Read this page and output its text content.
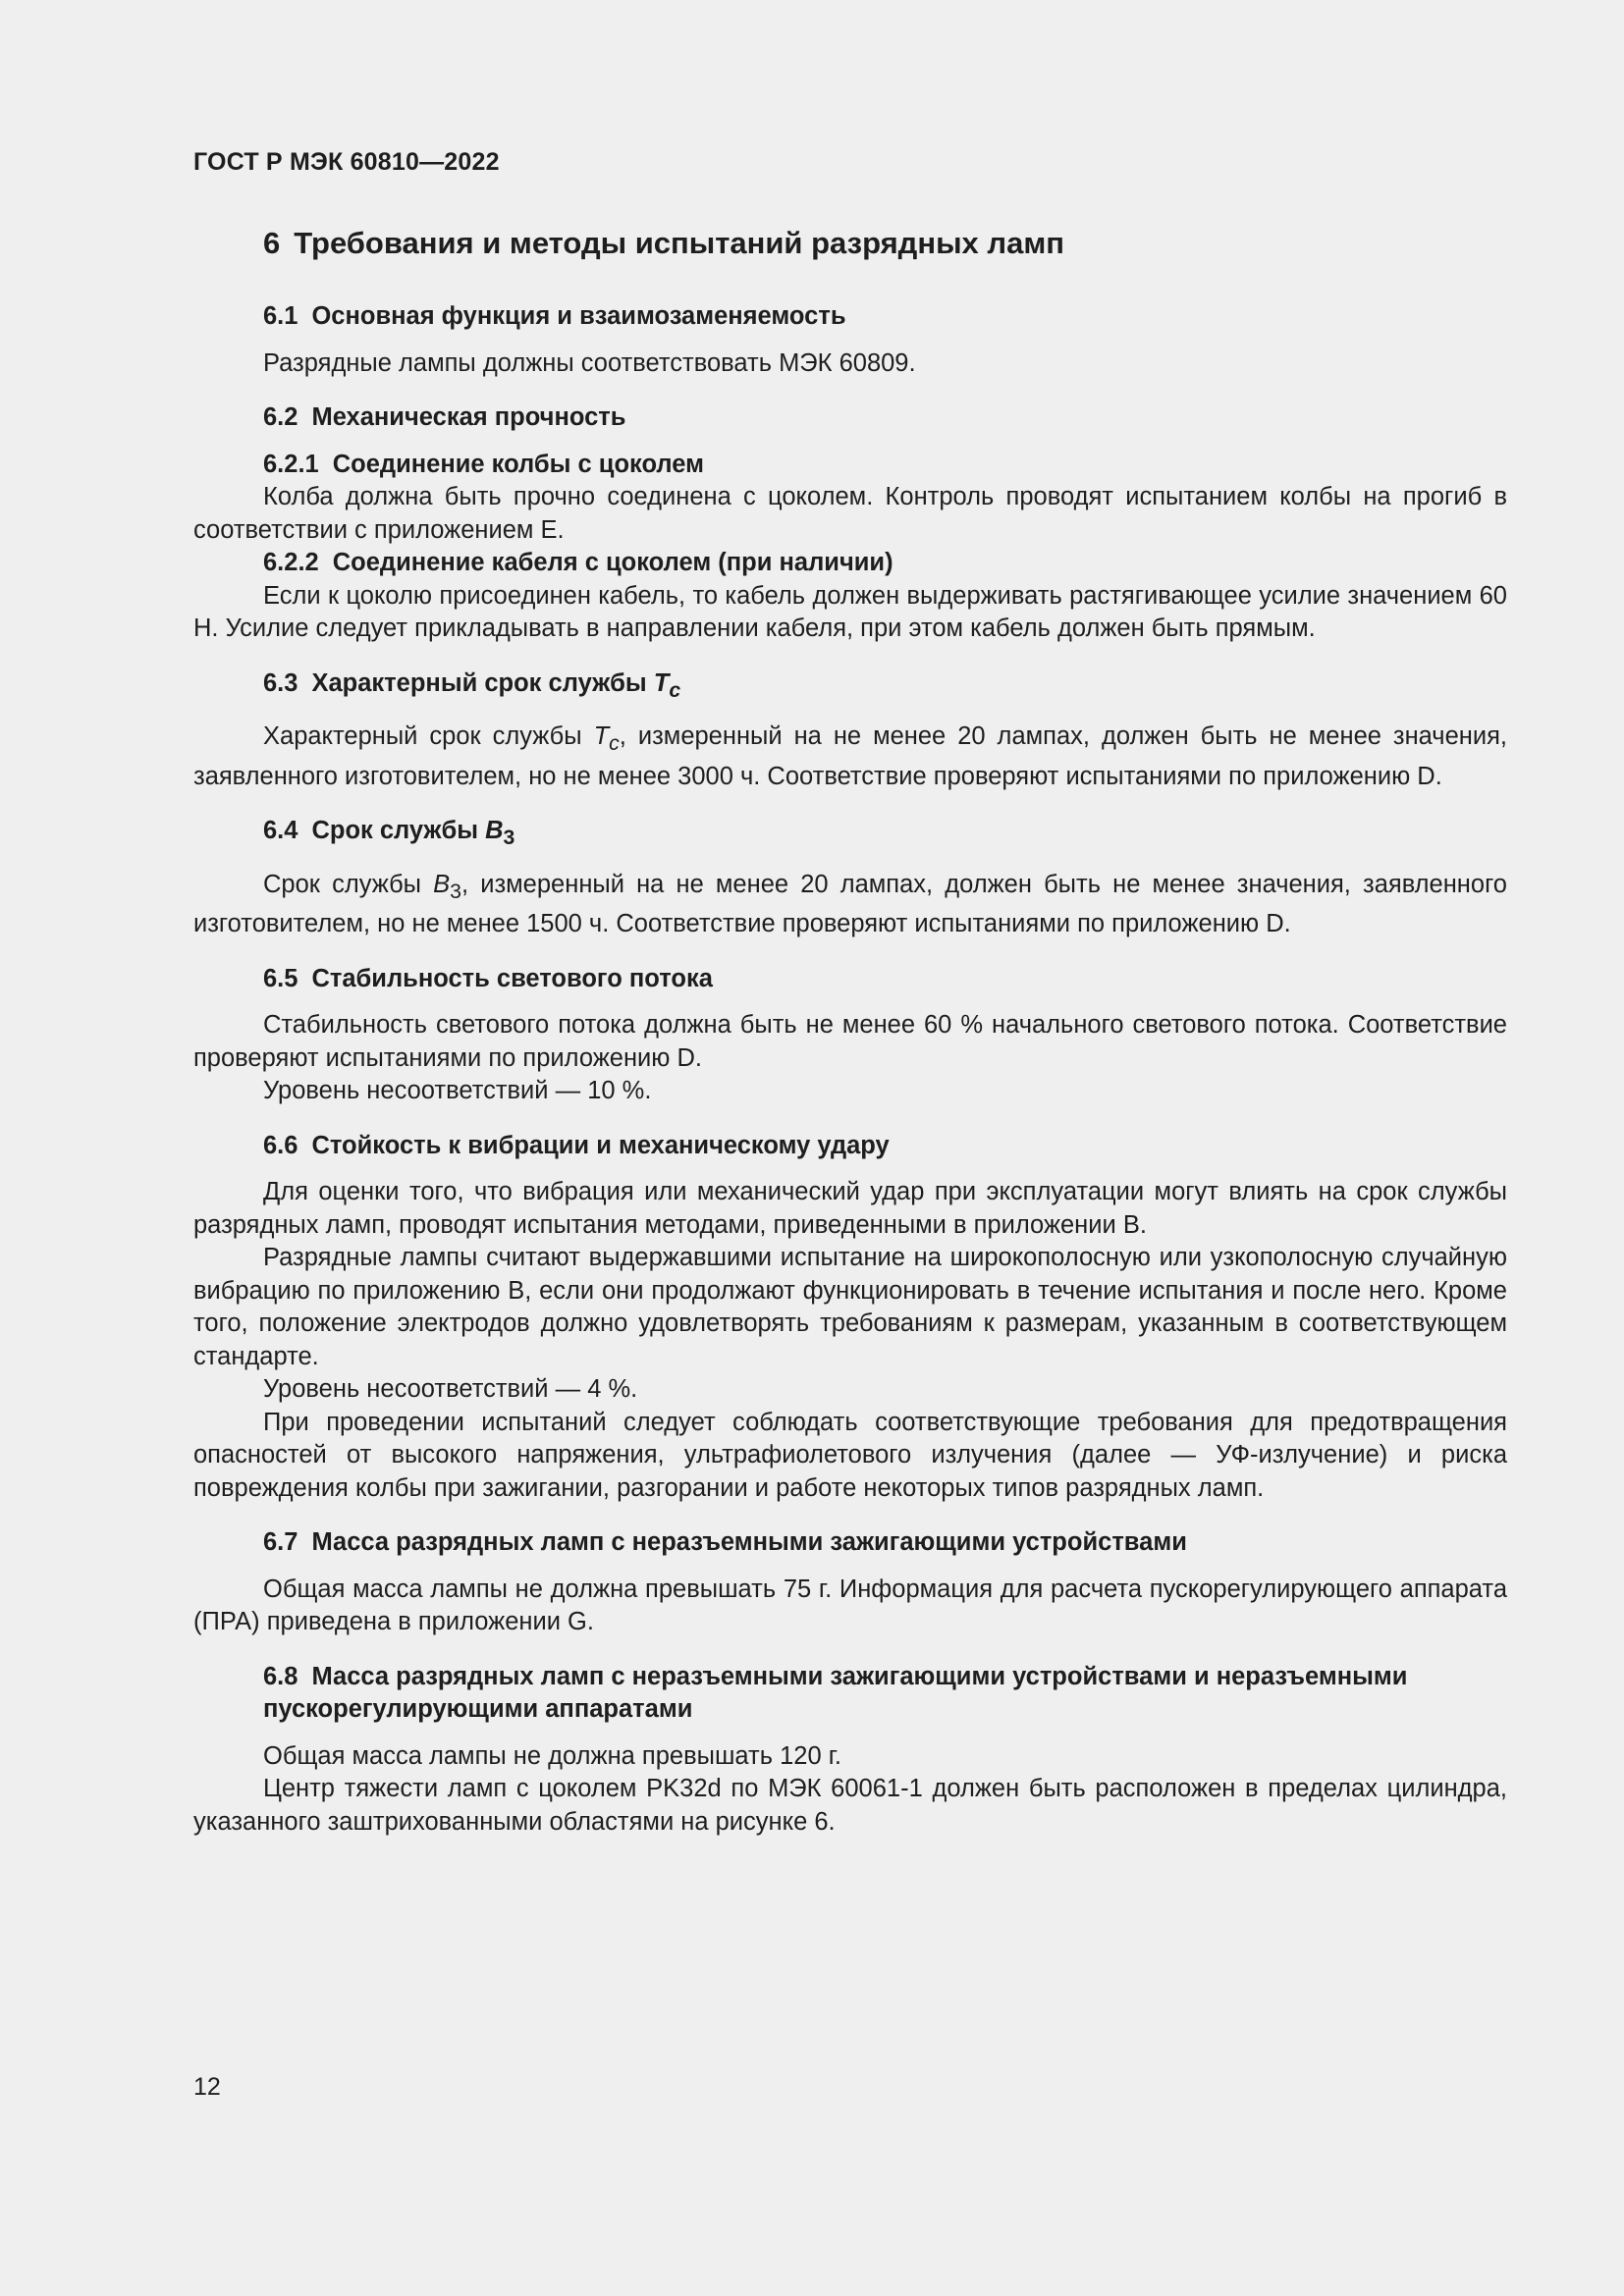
ГОСТ Р МЭК 60810—2022
6 Требования и методы испытаний разрядных ламп
6.1 Основная функция и взаимозаменяемость

Разрядные лампы должны соответствовать МЭК 60809.

6.2 Механическая прочность
6.2.1 Соединение колбы с цоколем

Колба должна быть прочно соединена с цоколем. Контроль проводят испытанием колбы на прогиб в соответствии с приложением E.

6.2.2 Соединение кабеля с цоколем (при наличии)

Если к цоколю присоединен кабель, то кабель должен выдерживать растягивающее усилие значением 60 Н. Усилие следует прикладывать в направлении кабеля, при этом кабель должен быть прямым.

6.3 Характерный срок службы $T_c$

Характерный срок службы $T_c$, измеренный на не менее 20 лампах, должен быть не менее значения, заявленного изготовителем, но не менее 3000 ч. Соответствие проверяют испытаниями по приложению D.

6.4 Срок службы $B_3$

Срок службы $B_3$, измеренный на не менее 20 лампах, должен быть не менее значения, заявленного изготовителем, но не менее 1500 ч. Соответствие проверяют испытаниями по приложению D.

6.5 Стабильность светового потока

Стабильность светового потока должна быть не менее 60 % начального светового потока. Соответствие проверяют испытаниями по приложению D.

Уровень несоответствий — 10 %.

6.6 Стойкость к вибрации и механическому удару

Для оценки того, что вибрация или механический удар при эксплуатации могут влиять на срок службы разрядных ламп, проводят испытания методами, приведенными в приложении B.

Разрядные лампы считают выдержавшими испытание на широкополосную или узкополосную случайную вибрацию по приложению B, если они продолжают функционировать в течение испытания и после него. Кроме того, положение электродов должно удовлетворять требованиям к размерам, указанным в соответствующем стандарте.

Уровень несоответствий — 4 %.

При проведении испытаний следует соблюдать соответствующие требования для предотвращения опасностей от высокого напряжения, ультрафиолетового излучения (далее — УФ-излучение) и риска повреждения колбы при зажигании, разгорании и работе некоторых типов разрядных ламп.

6.7 Масса разрядных ламп с неразъемными зажигающими устройствами

Общая масса лампы не должна превышать 75 г. Информация для расчета пускорегулирующего аппарата (ПРА) приведена в приложении G.

6.8 Масса разрядных ламп с неразъемными зажигающими устройствами и неразъемными
пускорегулирующими аппаратами

Общая масса лампы не должна превышать 120 г.

Центр тяжести ламп с цоколем PK32d по МЭК 60061-1 должен быть расположен в пределах цилиндра, указанного заштрихованными областями на рисунке 6.

12
